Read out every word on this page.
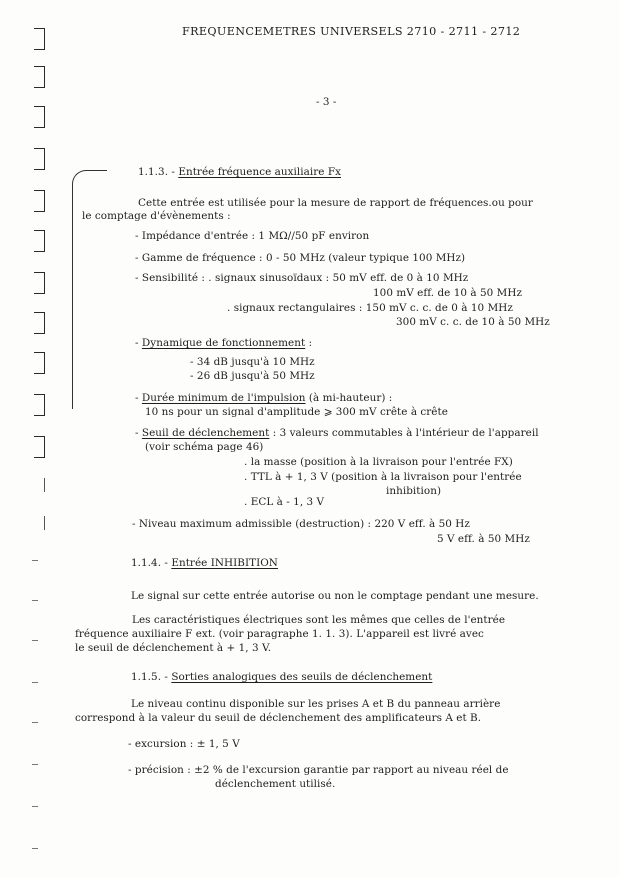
FREQUENCEMETRES UNIVERSELS 2710 - 2711 - 2712
- 3 -
1.1.3. - Entrée fréquence auxiliaire Fx
Cette entrée est utilisée pour la mesure de rapport de fréquences.ou pour
le comptage d'évènements :
- Impédance d'entrée : 1 MΩ//50 pF environ
- Gamme de fréquence : 0 - 50 MHz (valeur typique 100 MHz)
- Sensibilité : . signaux sinusoïdaux : 50 mV eff. de 0 à 10 MHz
100 mV eff. de 10 à 50 MHz
. signaux rectangulaires : 150 mV c. c. de 0 à 10 MHz
300 mV c. c. de 10 à 50 MHz
- Dynamique de fonctionnement :
- 34 dB jusqu'à 10 MHz
- 26 dB jusqu'à 50 MHz
- Durée minimum de l'impulsion (à mi-hauteur) :
10 ns pour un signal d'amplitude ⩾ 300 mV crête à crête
- Seuil de déclenchement : 3 valeurs commutables à l'intérieur de l'appareil
(voir schéma page 46)
. la masse (position à la livraison pour l'entrée FX)
. TTL à + 1, 3 V (position à la livraison pour l'entrée
inhibition)
. ECL à - 1, 3 V
- Niveau maximum admissible (destruction) : 220 V eff. à 50 Hz
5 V eff. à 50 MHz
1.1.4. - Entrée INHIBITION
Le signal sur cette entrée autorise ou non le comptage pendant une mesure.
Les caractéristiques électriques sont les mêmes que celles de l'entrée
fréquence auxiliaire F ext. (voir paragraphe 1. 1. 3). L'appareil est livré avec
le seuil de déclenchement à + 1, 3 V.
1.1.5. - Sorties analogiques des seuils de déclenchement
Le niveau continu disponible sur les prises A et B du panneau arrière
correspond à la valeur du seuil de déclenchement des amplificateurs A et B.
- excursion : ± 1, 5 V
- précision : ±2 % de l'excursion garantie par rapport au niveau réel de
déclenchement utilisé.
